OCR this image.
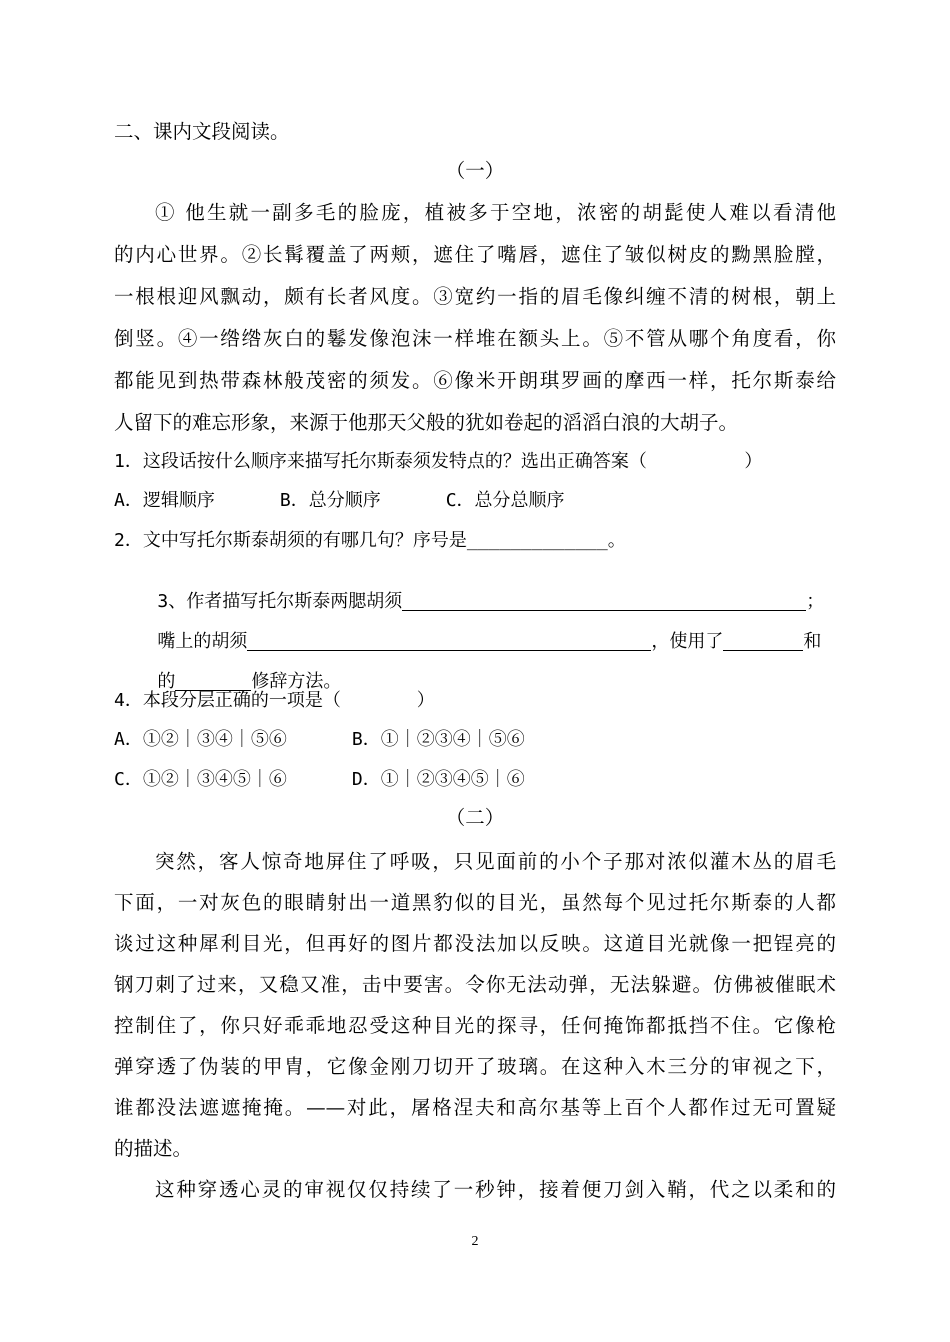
二、课内文段阅读。
（一）
① 他生就一副多毛的脸庞，植被多于空地，浓密的胡髭使人难以看清他
的内心世界。②长髯覆盖了两颊，遮住了嘴唇，遮住了皱似树皮的黝黑脸膛，
一根根迎风飘动，颇有长者风度。③宽约一指的眉毛像纠缠不清的树根，朝上
倒竖。④一绺绺灰白的鬈发像泡沫一样堆在额头上。⑤不管从哪个角度看，你
都能见到热带森林般茂密的须发。⑥像米开朗琪罗画的摩西一样，托尔斯泰给
人留下的难忘形象，来源于他那天父般的犹如卷起的滔滔白浪的大胡子。
1．这段话按什么顺序来描写托尔斯泰须发特点的？选出正确答案（         ）
A．逻辑顺序      B．总分顺序      C．总分总顺序
2．文中写托尔斯泰胡须的有哪几句？序号是_____________。

3、作者描写托尔斯泰两腮胡须	；

嘴上的胡须	，使用了	和

的	修辞方法。

4．本段分层正确的一项是（       ）
A．①②｜③④｜⑤⑥      B．①｜②③④｜⑤⑥
C．①②｜③④⑤｜⑥      D．①｜②③④⑤｜⑥
（二）
突然，客人惊奇地屏住了呼吸，只见面前的小个子那对浓似灌木丛的眉毛
下面，一对灰色的眼睛射出一道黑豹似的目光，虽然每个见过托尔斯泰的人都
谈过这种犀利目光，但再好的图片都没法加以反映。这道目光就像一把锃亮的
钢刀刺了过来，又稳又准，击中要害。令你无法动弹，无法躲避。仿佛被催眠术
控制住了，你只好乖乖地忍受这种目光的探寻，任何掩饰都抵挡不住。它像枪
弹穿透了伪装的甲胄，它像金刚刀切开了玻璃。在这种入木三分的审视之下，
谁都没法遮遮掩掩。——对此，屠格涅夫和高尔基等上百个人都作过无可置疑
的描述。
这种穿透心灵的审视仅仅持续了一秒钟，接着便刀剑入鞘，代之以柔和的
2
